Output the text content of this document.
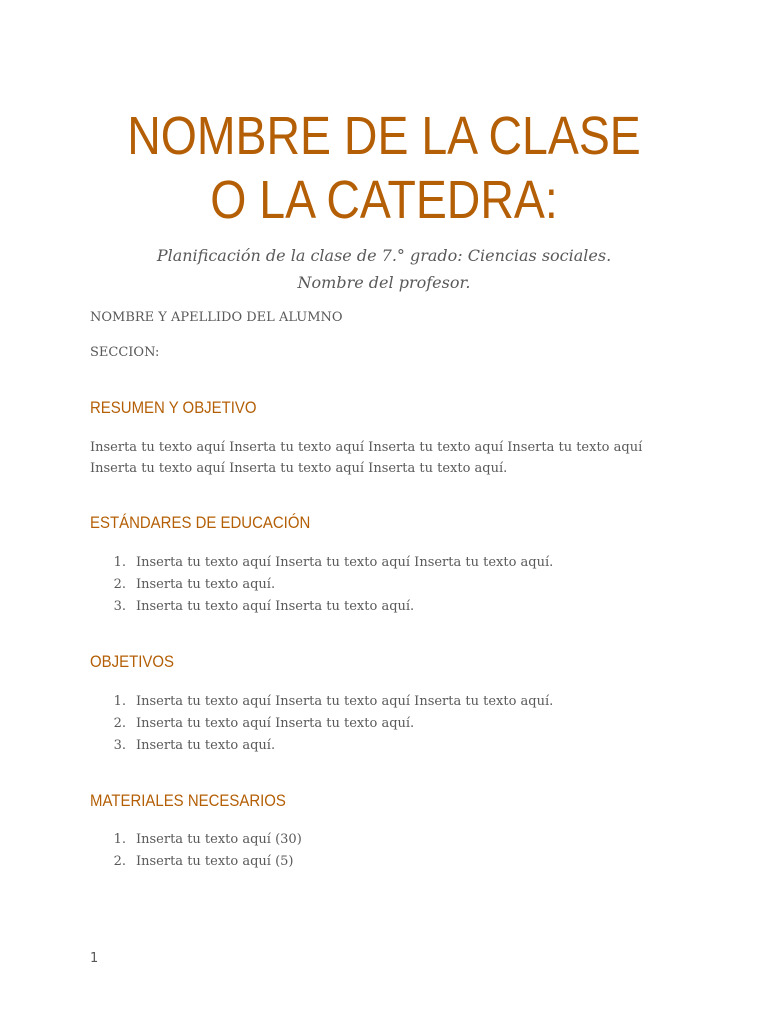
NOMBRE DE LA CLASE O LA CATEDRA:

Planificación de la clase de 7.° grado: Ciencias sociales.
Nombre del profesor.

NOMBRE Y APELLIDO DEL ALUMNO

SECCION:

RESUMEN Y OBJETIVO

Inserta tu texto aquí Inserta tu texto aquí Inserta tu texto aquí Inserta tu texto aquí Inserta tu texto aquí Inserta tu texto aquí Inserta tu texto aquí.

ESTÁNDARES DE EDUCACIÓN
1. Inserta tu texto aquí Inserta tu texto aquí Inserta tu texto aquí.
2. Inserta tu texto aquí.
3. Inserta tu texto aquí Inserta tu texto aquí.
OBJETIVOS
1. Inserta tu texto aquí Inserta tu texto aquí Inserta tu texto aquí.
2. Inserta tu texto aquí Inserta tu texto aquí.
3. Inserta tu texto aquí.
MATERIALES NECESARIOS
1. Inserta tu texto aquí (30)
2. Inserta tu texto aquí (5)

1
